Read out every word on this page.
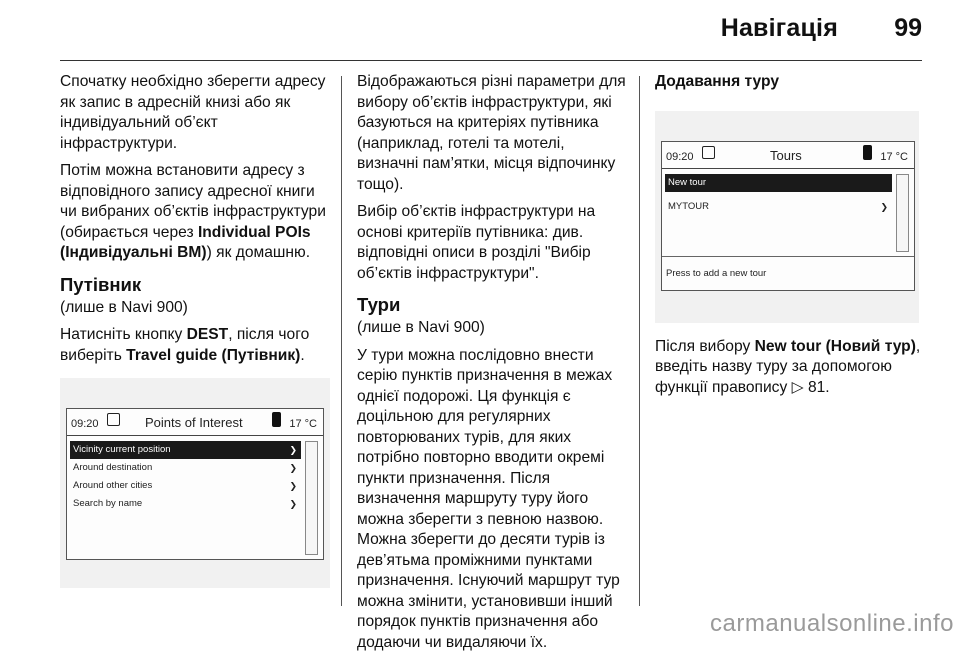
Навігація 99

Спочатку необхідно зберегти адресу як запис в адресній книзі або як індивідуальний об’єкт інфраструктури.

Потім можна встановити адресу з відповідного запису адресної книги чи вибраних об’єктів інфраструктури (обирається через Individual POIs (Індивідуальні ВМ)) як домашню.

Путівник

(лише в Navi 900)

Натисніть кнопку DEST, після чого виберіть Travel guide (Путівник).

09:20	Points of Interest	17 °C
Vicinity current position	❯
Around destination	❯
Around other cities	❯
Search by name	❯

Відображаються різні параметри для вибору об’єктів інфраструктури, які базуються на критеріях путівника (наприклад, готелі та мотелі, визначні пам’ятки, місця відпочинку тощо).

Вибір об’єктів інфраструктури на основі критеріїв путівника: див. відповідні описи в розділі "Вибір об’єктів інфраструктури".

Тури

(лише в Navi 900)

У тури можна послідовно внести серію пунктів призначення в межах однієї подорожі. Ця функція є доцільною для регулярних повторюваних турів, для яких потрібно повторно вводити окремі пункти призначення. Після визначення маршруту туру його можна зберегти з певною назвою. Можна зберегти до десяти турів із дев’ятьма проміжними пунктами призначення. Існуючий маршрут тур можна змінити, установивши інший порядок пунктів призначення або додаючи чи видаляючи їх.

Додавання туру
09:20	Tours	17 °C
New tour
MYTOUR	❯
Press to add a new tour

Після вибору New tour (Новий тур), введіть назву туру за допомогою функції правопису ▷ 81.

carmanualsonline.info
